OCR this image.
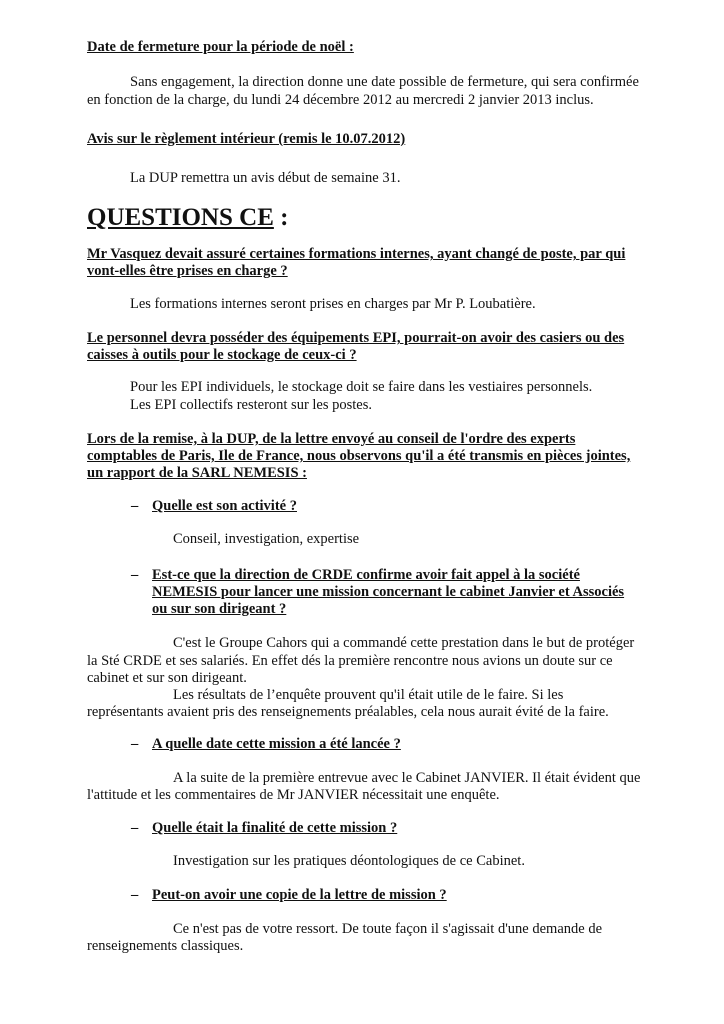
Date de fermeture pour la période de noël :
Sans engagement, la direction donne une date possible de fermeture, qui sera confirmée
en fonction de la charge, du lundi 24 décembre 2012 au mercredi 2 janvier 2013 inclus.
Avis sur le règlement intérieur (remis le 10.07.2012)
La DUP remettra un avis début de semaine 31.
QUESTIONS CE :
Mr Vasquez devait assuré certaines formations internes, ayant changé de poste, par qui
vont-elles être prises en charge ?
Les formations internes seront prises en charges par Mr P. Loubatière.
Le personnel devra posséder des équipements EPI, pourrait-on avoir des casiers ou des
caisses à outils pour le stockage de ceux-ci ?
Pour les EPI individuels, le stockage doit se faire dans les vestiaires personnels.
Les EPI collectifs resteront sur les postes.
Lors de la remise, à la DUP, de la lettre envoyé au conseil de l'ordre des experts
comptables de Paris, Ile de France, nous observons qu'il a été transmis en pièces jointes,
un rapport de la SARL NEMESIS :
– Quelle est son activité ?
Conseil, investigation, expertise
– Est-ce que la direction de CRDE confirme avoir fait appel à la société
NEMESIS pour lancer une mission concernant le cabinet Janvier et Associés
ou sur son dirigeant ?
C'est le Groupe Cahors qui a commandé cette prestation dans le but de protéger
la Sté CRDE et ses salariés. En effet dés la première rencontre nous avions un doute sur ce
cabinet et sur son dirigeant.
Les résultats de l’enquête prouvent qu'il était utile de le faire. Si les
représentants avaient pris des renseignements préalables, cela nous aurait évité de la faire.
– A quelle date cette mission a été lancée ?
A la suite de la première entrevue avec le Cabinet JANVIER. Il était évident que
l'attitude et les commentaires de Mr JANVIER nécessitait une enquête.
– Quelle était la finalité de cette mission ?
Investigation sur les pratiques déontologiques de ce Cabinet.
– Peut-on avoir une copie de la lettre de mission ?
Ce n'est pas de votre ressort. De toute façon il s'agissait d'une demande de
renseignements classiques.
